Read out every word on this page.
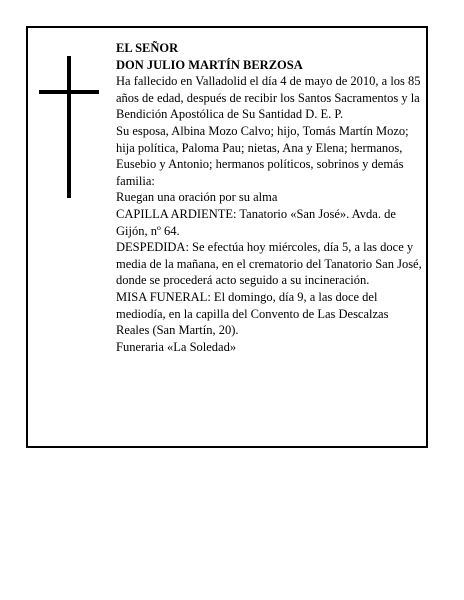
EL SEÑOR

DON JULIO MARTÍN BERZOSA

Ha fallecido en Valladolid el día 4 de mayo de 2010, a los 85 años de edad, después de recibir los Santos Sacramentos y la Bendición Apostólica de Su Santidad D. E. P.

Su esposa, Albina Mozo Calvo; hijo, Tomás Martín Mozo; hija política, Paloma Pau; nietas, Ana y Elena; hermanos, Eusebio y Antonio; hermanos políticos, sobrinos y demás familia:

Ruegan una oración por su alma

CAPILLA ARDIENTE: Tanatorio «San José». Avda. de Gijón, nº 64.

DESPEDIDA: Se efectúa hoy miércoles, día 5, a las doce y media de la mañana, en el crematorio del Tanatorio San José, donde se procederá acto seguido a su incineración.

MISA FUNERAL: El domingo, día 9, a las doce del mediodía, en la capilla del Convento de Las Descalzas Reales (San Martín, 20).

Funeraria «La Soledad»
